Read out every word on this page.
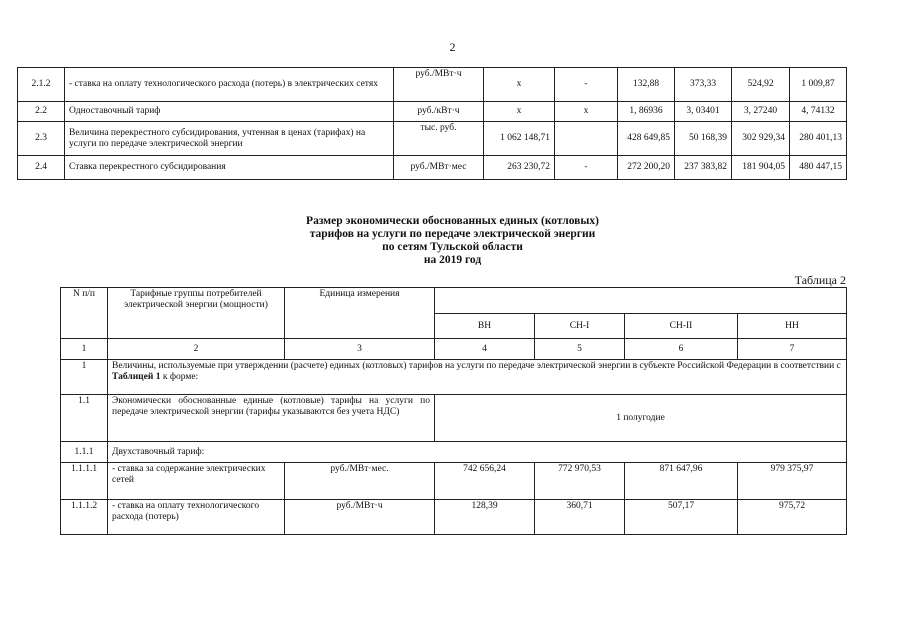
2
2.1.2	- ставка на оплату технологического расхода (потерь) в электрических сетях	руб./МВт·ч	х	-	132,88	373,33	524,92	1 009,87
2.2	Одноставочный тариф	руб./кВт·ч	х	х	1, 86936	3, 03401	3, 27240	4, 74132
2.3	Величина перекрестного субсидирования, учтенная в ценах (тарифах) на услуги по передаче электрической энергии	тыс. руб.	1 062 148,71		428 649,85	50 168,39	302 929,34	280 401,13
2.4	Ставка перекрестного субсидирования	руб./МВт·мес	263 230,72	-	272 200,20	237 383,82	181 904,05	480 447,15
Размер экономически обоснованных единых (котловых)
тарифов на услуги по передаче электрической энергии
по сетям Тульской области
на 2019 год
Таблица 2
N п/п	Тарифные группы потребителей электрической энергии (мощности)	Единица измерения				
			ВН	СН-I	СН-II	НН
1	2	3	4	5	6	7
1	Величины, используемые при утверждении (расчете) единых (котловых) тарифов на услуги по передаче электрической энергии в субъекте Российской Федерации в соответствии с Таблицей 1 к форме:					
1.1	Экономически обоснованные единые (котловые) тарифы на услуги по передаче электрической энергии (тарифы указываются без учета НДС)		1 полугодие			
1.1.1	Двухставочный тариф:					
1.1.1.1	- ставка за содержание электрических сетей	руб./МВт·мес.	742 656,24	772 970,53	871 647,96	979 375,97
1.1.1.2	- ставка на оплату технологического расхода (потерь)	руб./МВт·ч	128,39	360,71	507,17	975,72
